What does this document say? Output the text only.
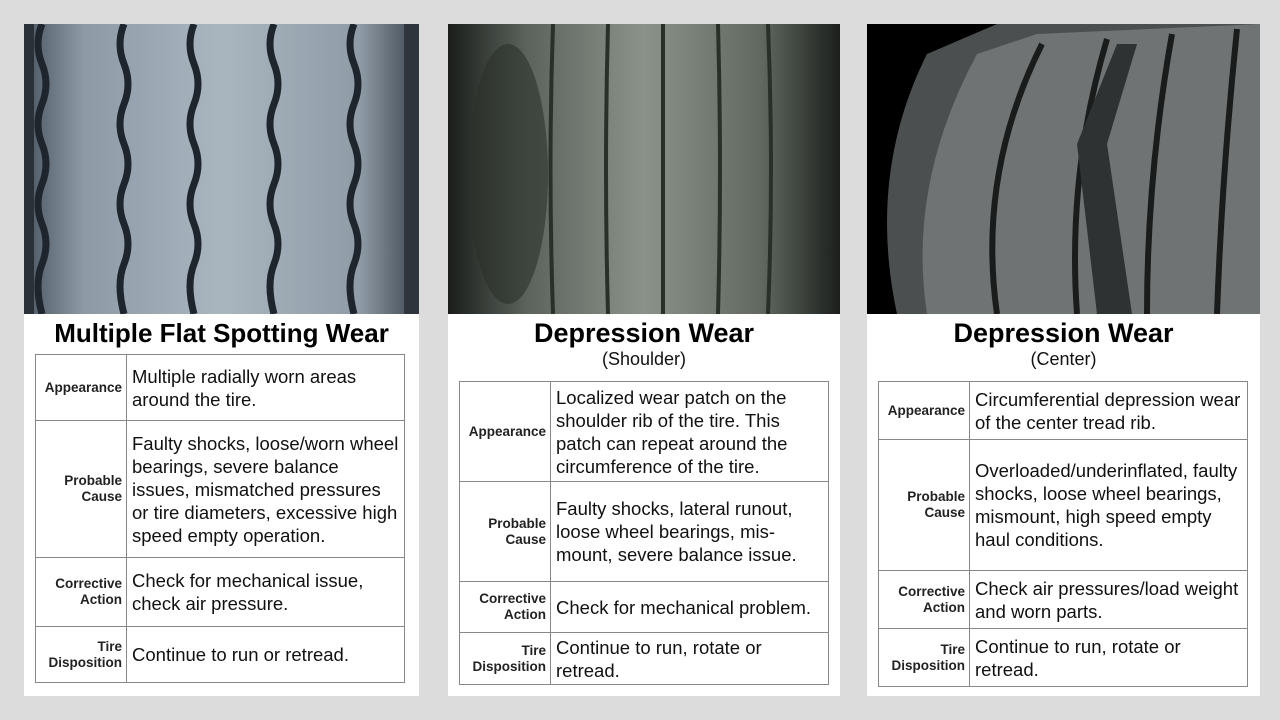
Multiple Flat Spotting Wear
Appearance	Multiple radially worn areas around the tire.
Probable Cause	Faulty shocks, loose/worn wheel bearings, severe balance issues, mismatched pressures or tire diameters, excessive high speed empty operation.
Corrective Action	Check for mechanical issue, check air pressure.
Tire Disposition	Continue to run or retread.
Depression Wear
(Shoulder)
Appearance	Localized wear patch on the shoulder rib of the tire. This patch can repeat around the circumference of the tire.
Probable Cause	Faulty shocks, lateral runout, loose wheel bearings, mis-mount, severe balance issue.
Corrective Action	Check for mechanical problem.
Tire Disposition	Continue to run, rotate or retread.
Depression Wear
(Center)
Appearance	Circumferential depression wear of the center tread rib.
Probable Cause	Overloaded/underinflated, faulty shocks, loose wheel bearings, mismount, high speed empty haul conditions.
Corrective Action	Check air pressures/load weight and worn parts.
Tire Disposition	Continue to run, rotate or retread.
